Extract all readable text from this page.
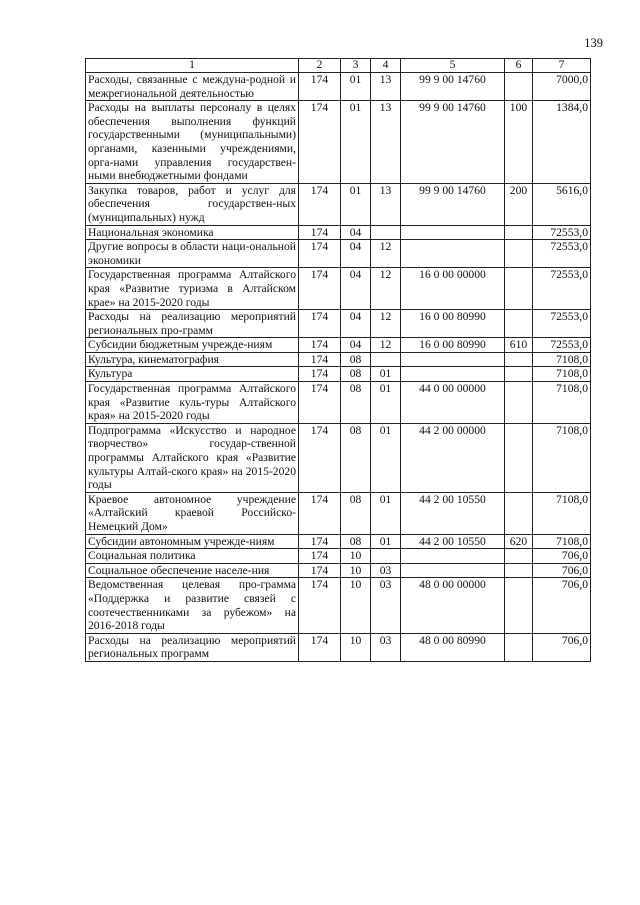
139
1	2	3	4	5	6	7
Расходы, связанные с междуна-родной и межрегиональной деятельностью	174	01	13	99 9 00 14760		7000,0
Расходы на выплаты персоналу в целях обеспечения выполнения функций государственными (муниципальными) органами, казенными учреждениями, орга-нами управления государствен-ными внебюджетными фондами	174	01	13	99 9 00 14760	100	1384,0
Закупка товаров, работ и услуг для обеспечения государствен-ных (муниципальных) нужд	174	01	13	99 9 00 14760	200	5616,0
Национальная экономика	174	04				72553,0
Другие вопросы в области наци-ональной экономики	174	04	12			72553,0
Государственная программа Алтайского края «Развитие туризма в Алтайском крае» на 2015-2020 годы	174	04	12	16 0 00 00000		72553,0
Расходы на реализацию мероприятий региональных про-грамм	174	04	12	16 0 00 80990		72553,0
Субсидии бюджетным учрежде-ниям	174	04	12	16 0 00 80990	610	72553,0
Культура, кинематография	174	08				7108,0
Культура	174	08	01			7108,0
Государственная программа Алтайского края «Развитие куль-туры Алтайского края» на 2015-2020 годы	174	08	01	44 0 00 00000		7108,0
Подпрограмма «Искусство и народное творчество» государ-ственной программы Алтайского края «Развитие культуры Алтай-ского края» на 2015-2020 годы	174	08	01	44 2 00 00000		7108,0
Краевое автономное учреждение «Алтайский краевой Российско-Немецкий Дом»	174	08	01	44 2 00 10550		7108,0
Субсидии автономным учрежде-ниям	174	08	01	44 2 00 10550	620	7108,0
Социальная политика	174	10				706,0
Социальное обеспечение населе-ния	174	10	03			706,0
Ведомственная целевая про-грамма «Поддержка и развитие связей с соотечественниками за рубежом» на 2016-2018 годы	174	10	03	48 0 00 00000		706,0
Расходы на реализацию мероприятий региональных программ	174	10	03	48 0 00 80990		706,0
